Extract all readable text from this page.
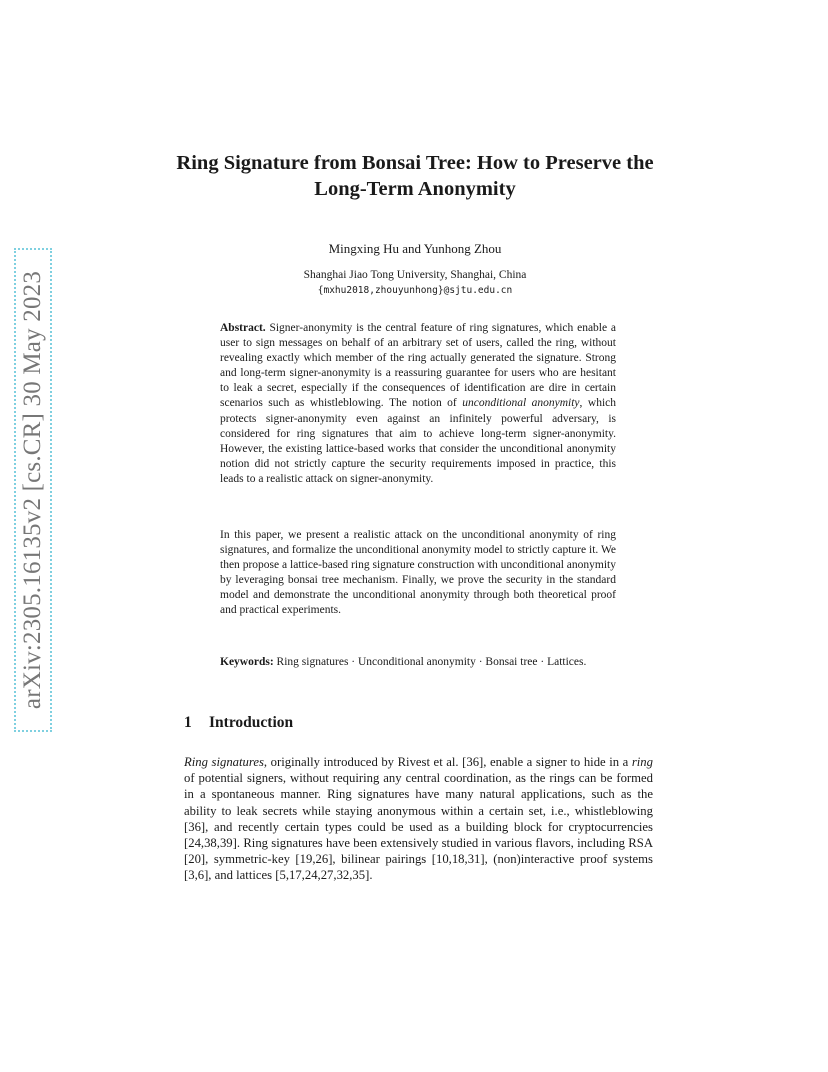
arXiv:2305.16135v2 [cs.CR] 30 May 2023
Ring Signature from Bonsai Tree: How to Preserve the Long-Term Anonymity
Mingxing Hu and Yunhong Zhou
Shanghai Jiao Tong University, Shanghai, China
{mxhu2018,zhouyunhong}@sjtu.edu.cn

Abstract. Signer-anonymity is the central feature of ring signatures, which enable a user to sign messages on behalf of an arbitrary set of users, called the ring, without revealing exactly which member of the ring actually generated the signature. Strong and long-term signer-anonymity is a reassuring guarantee for users who are hesitant to leak a secret, especially if the consequences of identification are dire in certain scenarios such as whistleblowing. The notion of unconditional anonymity, which protects signer-anonymity even against an infinitely powerful adversary, is considered for ring signatures that aim to achieve long-term signer-anonymity. However, the existing lattice-based works that consider the unconditional anonymity notion did not strictly capture the security requirements imposed in practice, this leads to a realistic attack on signer-anonymity.

In this paper, we present a realistic attack on the unconditional anonymity of ring signatures, and formalize the unconditional anonymity model to strictly capture it. We then propose a lattice-based ring signature construction with unconditional anonymity by leveraging bonsai tree mechanism. Finally, we prove the security in the standard model and demonstrate the unconditional anonymity through both theoretical proof and practical experiments.

Keywords: Ring signatures · Unconditional anonymity · Bonsai tree · Lattices.

1 Introduction

Ring signatures, originally introduced by Rivest et al. [36], enable a signer to hide in a ring of potential signers, without requiring any central coordination, as the rings can be formed in a spontaneous manner. Ring signatures have many natural applications, such as the ability to leak secrets while staying anonymous within a certain set, i.e., whistleblowing [36], and recently certain types could be used as a building block for cryptocurrencies [24,38,39]. Ring signatures have been extensively studied in various flavors, including RSA [20], symmetric-key [19,26], bilinear pairings [10,18,31], (non)interactive proof systems [3,6], and lattices [5,17,24,27,32,35].
